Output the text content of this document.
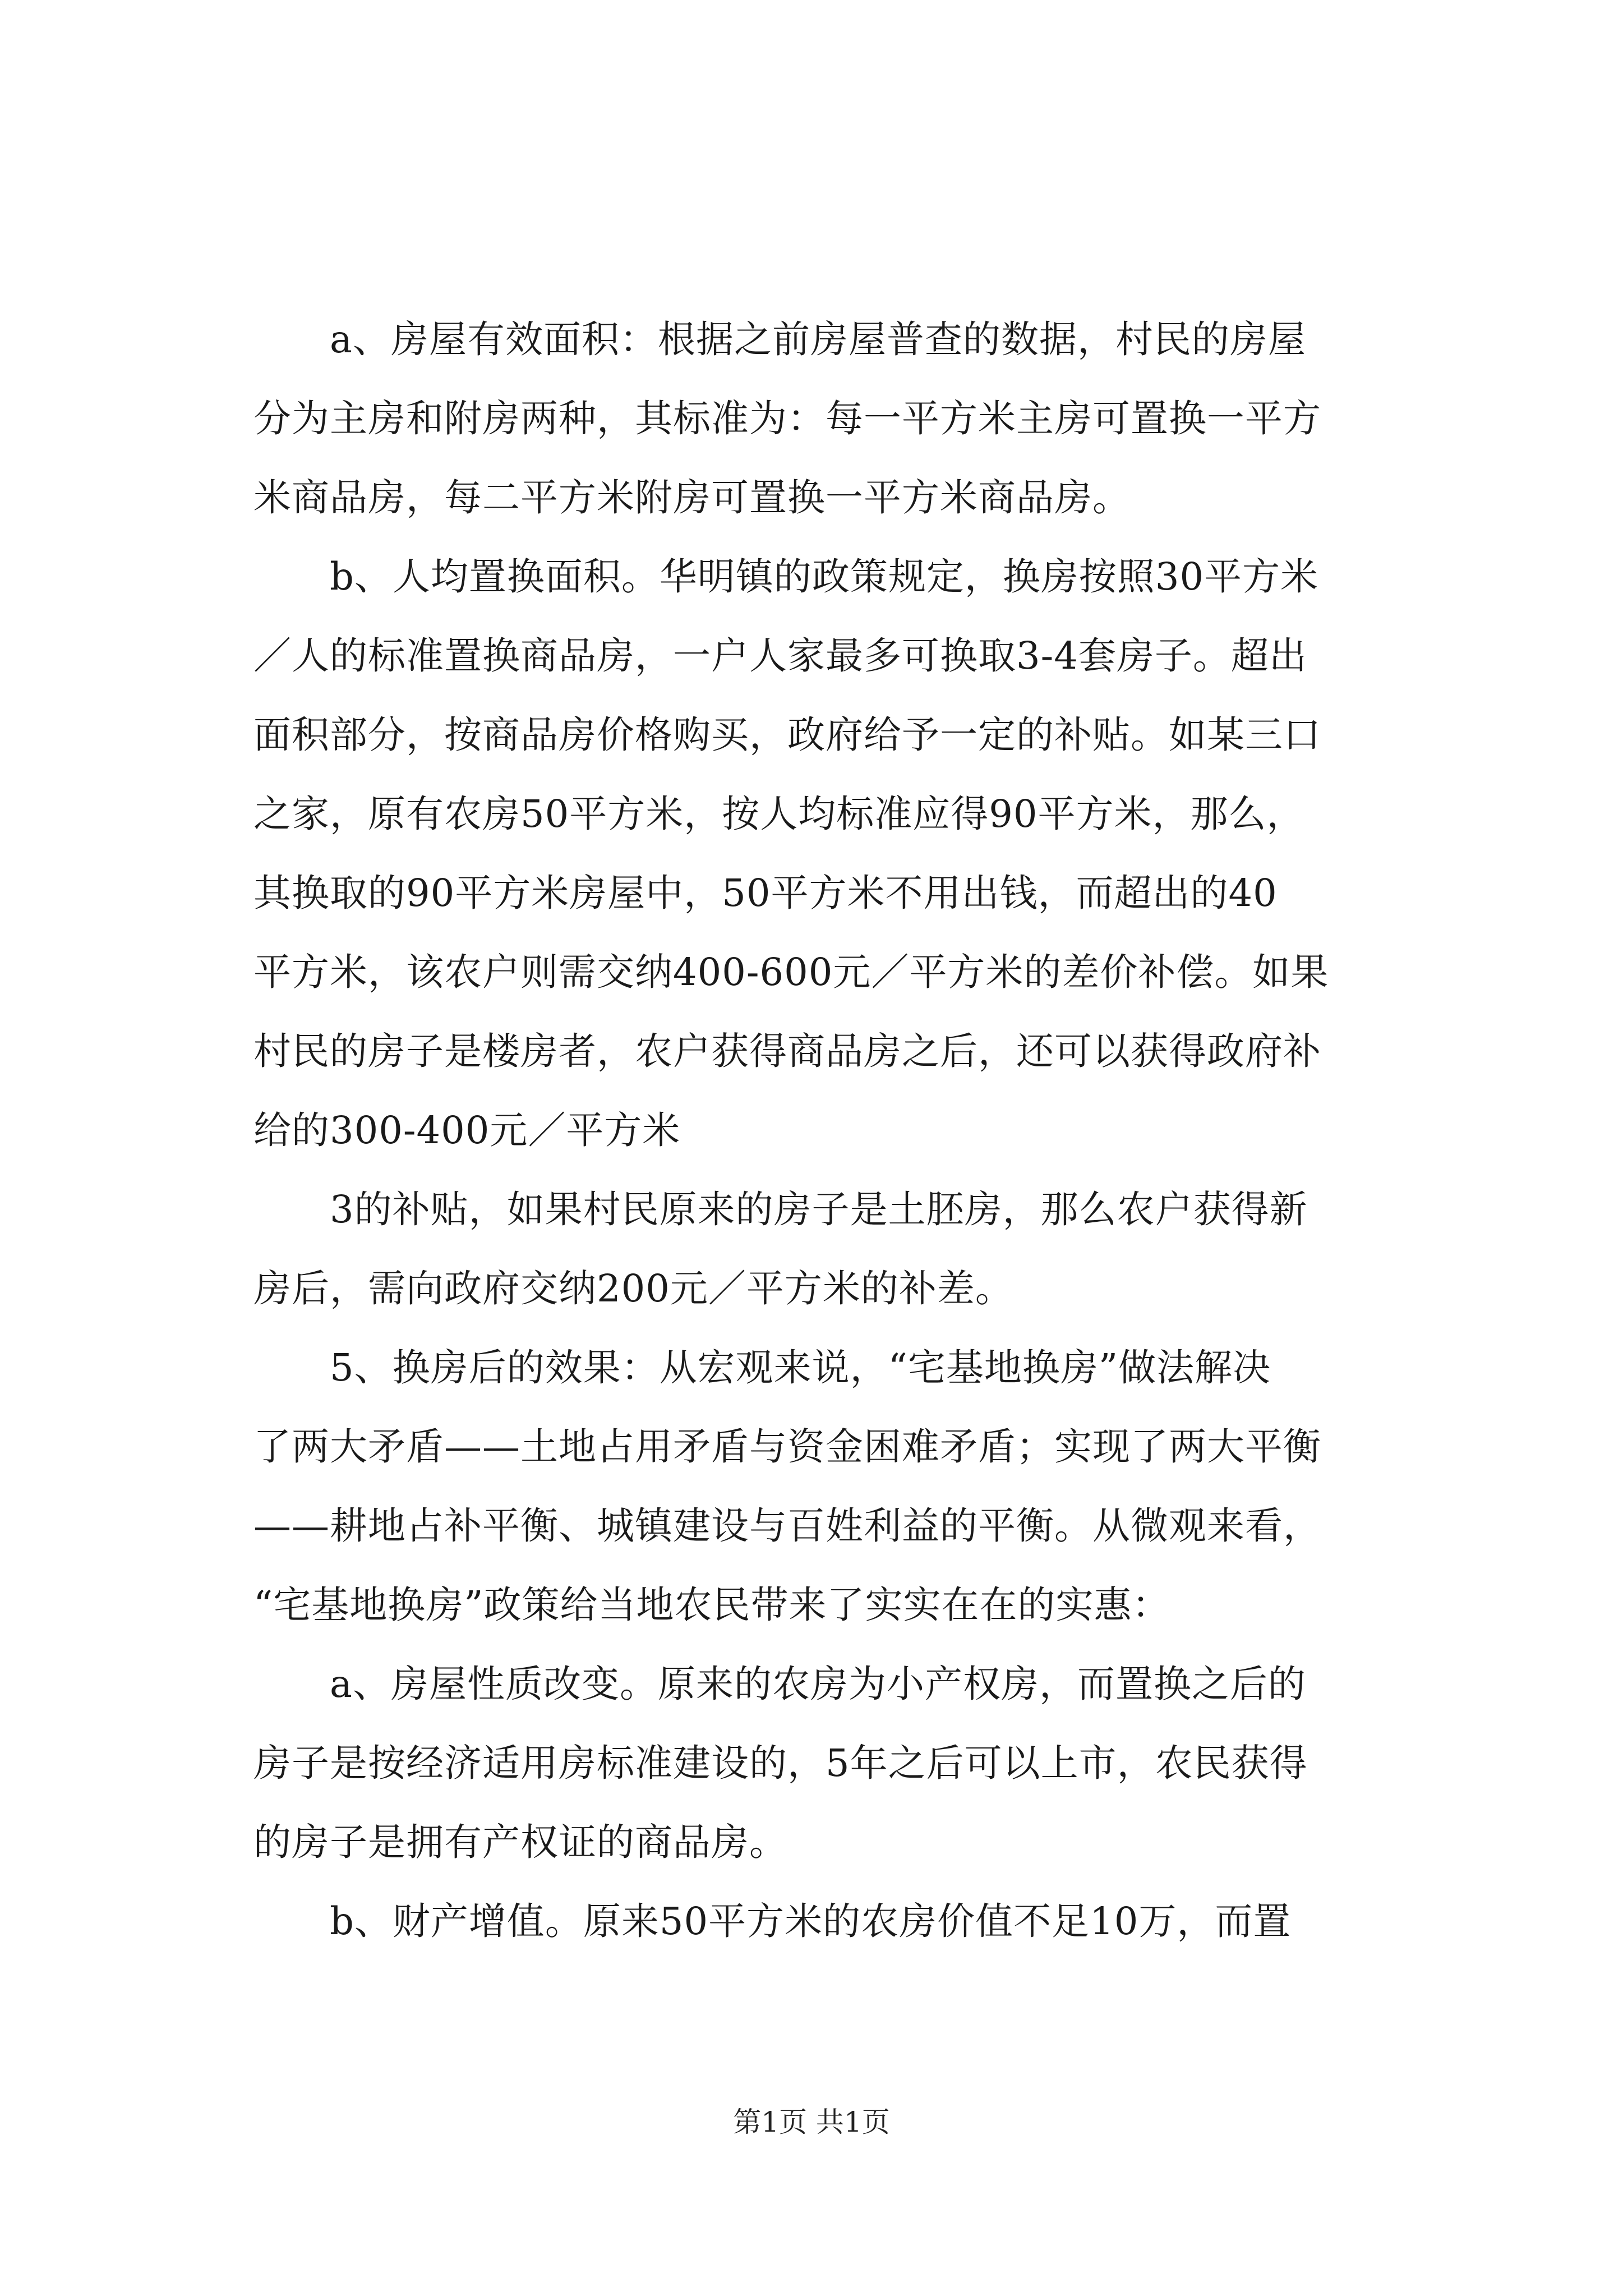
　　a、房屋有效面积：根据之前房屋普查的数据，村民的房屋
分为主房和附房两种，其标准为：每一平方米主房可置换一平方
米商品房，每二平方米附房可置换一平方米商品房。
　　b、人均置换面积。华明镇的政策规定，换房按照30平方米
／人的标准置换商品房，一户人家最多可换取3-4套房子。超出
面积部分，按商品房价格购买，政府给予一定的补贴。如某三口
之家，原有农房50平方米，按人均标准应得90平方米，那么，
其换取的90平方米房屋中，50平方米不用出钱，而超出的40
平方米，该农户则需交纳400-600元／平方米的差价补偿。如果
村民的房子是楼房者，农户获得商品房之后，还可以获得政府补
给的300-400元／平方米
　　3的补贴，如果村民原来的房子是土胚房，那么农户获得新
房后，需向政府交纳200元／平方米的补差。
　　5、换房后的效果：从宏观来说，“宅基地换房”做法解决
了两大矛盾——土地占用矛盾与资金困难矛盾；实现了两大平衡
——耕地占补平衡、城镇建设与百姓利益的平衡。从微观来看，
“宅基地换房”政策给当地农民带来了实实在在的实惠：
　　a、房屋性质改变。原来的农房为小产权房，而置换之后的
房子是按经济适用房标准建设的，5年之后可以上市，农民获得
的房子是拥有产权证的商品房。
　　b、财产增值。原来50平方米的农房价值不足10万，而置
第1页 共1页
